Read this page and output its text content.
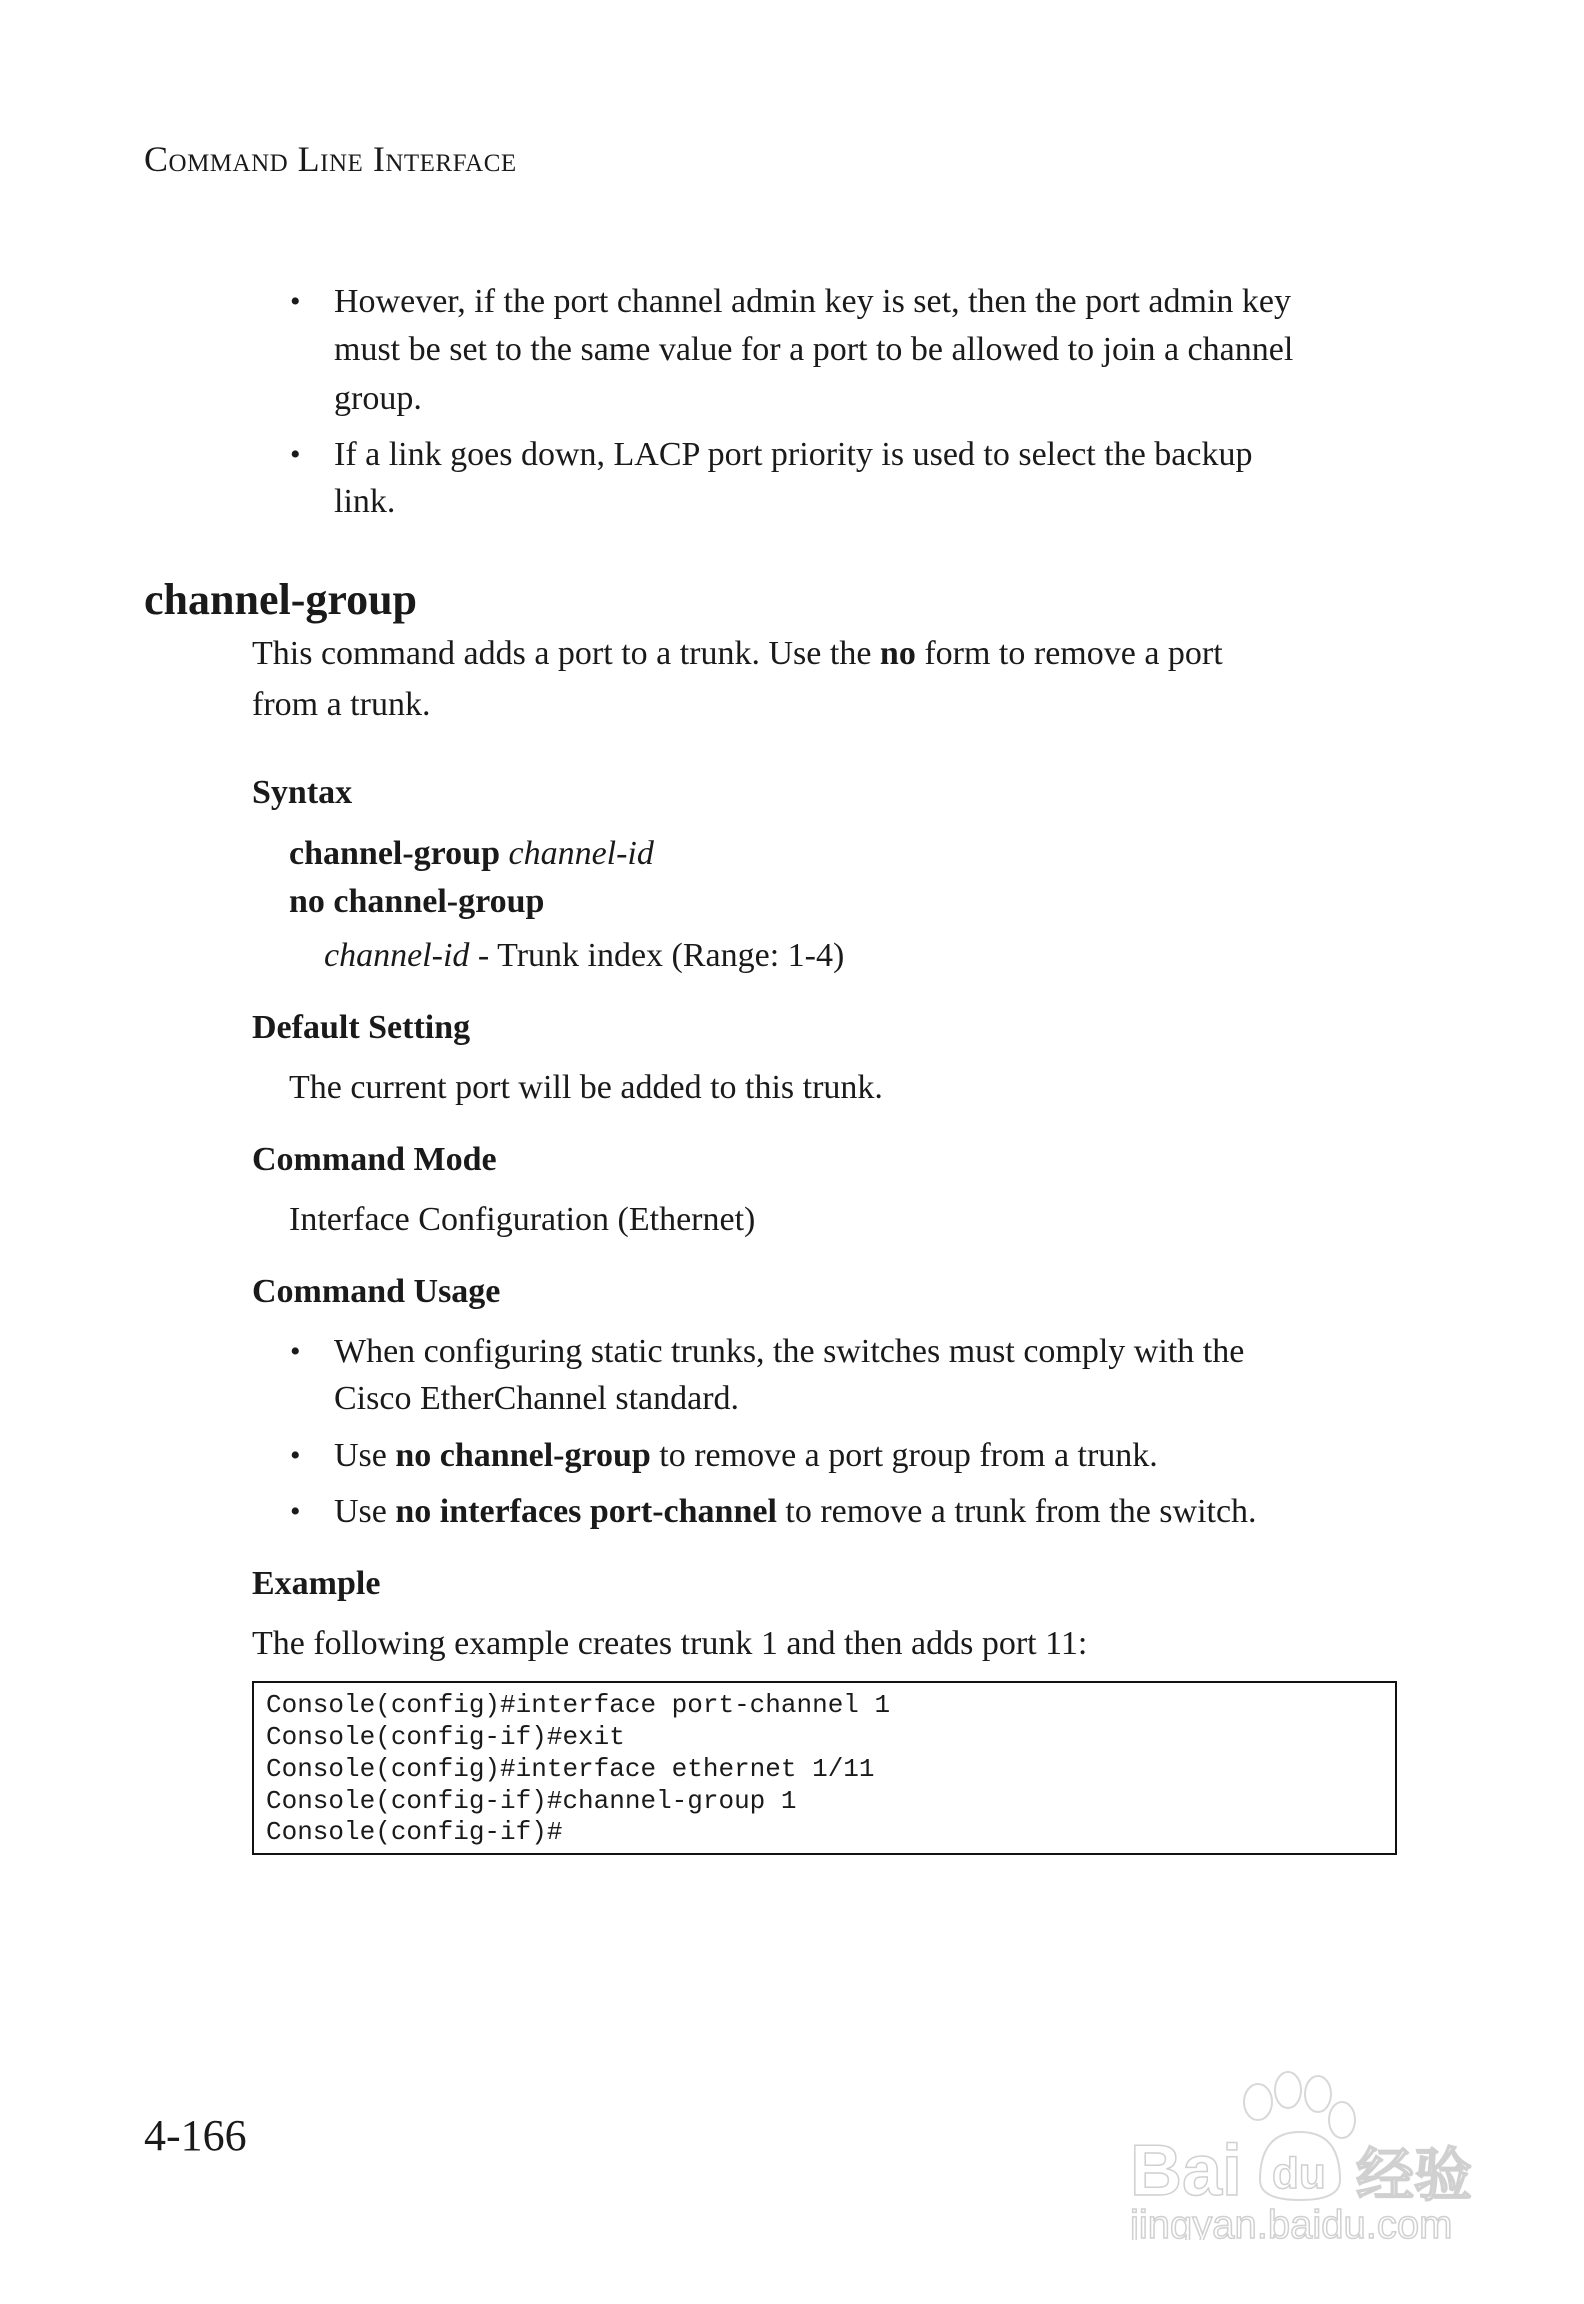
Command Line Interface
• However, if the port channel admin key is set, then the port admin key
must be set to the same value for a port to be allowed to join a channel
group.
• If a link goes down, LACP port priority is used to select the backup
link.
channel-group
This command adds a port to a trunk. Use the no form to remove a port
from a trunk.
Syntax
channel-group channel-id
no channel-group
channel-id - Trunk index (Range: 1-4)
Default Setting
The current port will be added to this trunk.
Command Mode
Interface Configuration (Ethernet)
Command Usage
• When configuring static trunks, the switches must comply with the
Cisco EtherChannel standard.
• Use no channel-group to remove a port group from a trunk.
• Use no interfaces port-channel to remove a trunk from the switch.
Example
The following example creates trunk 1 and then adds port 11:
Console(config)#interface port-channel 1
Console(config-if)#exit
Console(config)#interface ethernet 1/11
Console(config-if)#channel-group 1
Console(config-if)#
4-166	Bai du 经验
jingyan.baidu.com
